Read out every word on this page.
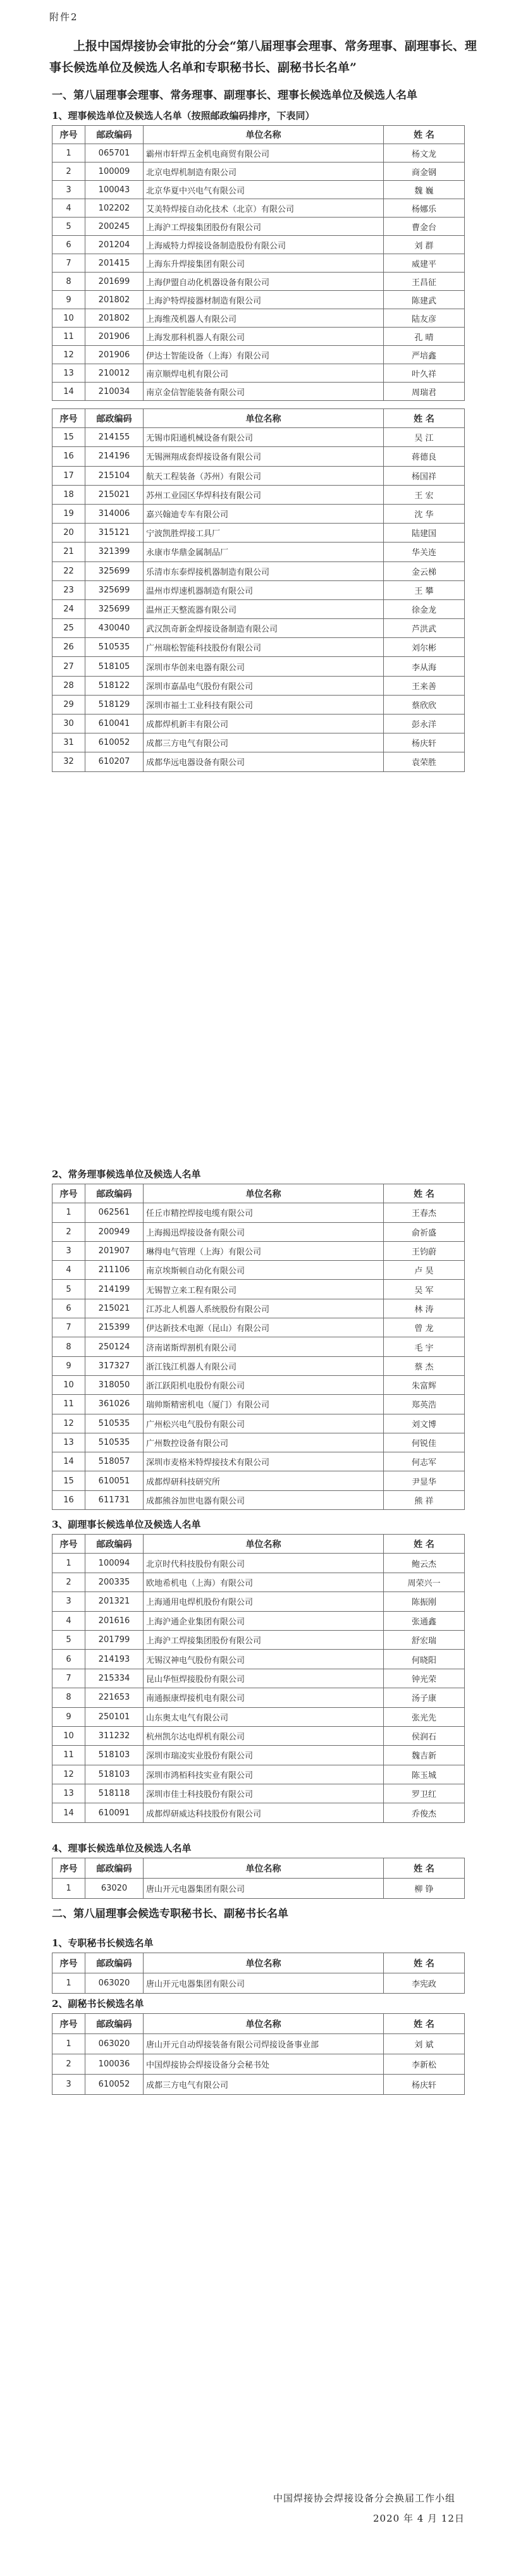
附件2
上报中国焊接协会审批的分会“第八届理事会理事、常务理事、副理事长、理事长候选单位及候选人名单和专职秘书长、副秘书长名单”
一、第八届理事会理事、常务理事、副理事长、理事长候选单位及候选人名单
1、理事候选单位及候选人名单（按照邮政编码排序，下表同）
序号	邮政编码	单位名称	姓 名
1	065701	霸州市轩焊五金机电商贸有限公司	杨文龙
2	100009	北京电焊机制造有限公司	商金钢
3	100043	北京华夏中兴电气有限公司	魏 巍
4	102202	艾美特焊接自动化技术（北京）有限公司	杨娜乐
5	200245	上海沪工焊接集团股份有限公司	曹金台
6	201204	上海威特力焊接设备制造股份有限公司	刘 群
7	201415	上海东升焊接集团有限公司	威建平
8	201699	上海伊盟自动化机器设备有限公司	王昌征
9	201802	上海沪特焊接器材制造有限公司	陈建武
10	201802	上海维茂机器人有限公司	陆友彦
11	201906	上海发那科机器人有限公司	孔 晴
12	201906	伊达士智能设备（上海）有限公司	严培鑫
13	210012	南京顺焊电机有限公司	叶久祥
14	210034	南京金信智能装备有限公司	周瑞君
序号	邮政编码	单位名称	姓 名
15	214155	无锡市阳通机械设备有限公司	吴 江
16	214196	无锡洲翔成套焊接设备有限公司	蒋德良
17	215104	航天工程装备（苏州）有限公司	杨国祥
18	215021	苏州工业园区华焊科技有限公司	王 宏
19	314006	嘉兴翰迪专车有限公司	沈 华
20	315121	宁波凯胜焊接工具厂	陆建国
21	321399	永康市华鼎金属制品厂	华关连
22	325699	乐清市东泰焊接机器制造有限公司	金云梯
23	325699	温州市焊速机器制造有限公司	王 攀
24	325699	温州正天整流器有限公司	徐金龙
25	430040	武汉凯奇新金焊接设备制造有限公司	芦洪武
26	510535	广州瑞松智能科技股份有限公司	刘尔彬
27	518105	深圳市华创来电器有限公司	李从海
28	518122	深圳市嘉晶电气股份有限公司	王来善
29	518129	深圳市福士工业科技有限公司	蔡欣欣
30	610041	成都焊机新丰有限公司	彭永洋
31	610052	成都三方电气有限公司	杨庆轩
32	610207	成都华远电器设备有限公司	袁荣胜
2、常务理事候选单位及候选人名单
序号	邮政编码	单位名称	姓 名
1	062561	任丘市精控焊接电缆有限公司	王春杰
2	200949	上海揭迅焊接设备有限公司	俞祈盛
3	201907	琳得电气管理（上海）有限公司	王钧蔚
4	211106	南京埃斯顿自动化有限公司	卢 昊
5	214199	无锡智立来工程有限公司	吴 军
6	215021	江苏北人机器人系统股份有限公司	林 涛
7	215399	伊达新技术电源（昆山）有限公司	曾 龙
8	250124	济南诺斯焊割机有限公司	毛 宇
9	317327	浙江钱江机器人有限公司	蔡 杰
10	318050	浙江跃阳机电股份有限公司	朱富辉
11	361026	瑞帅斯精密机电（厦门）有限公司	郑英浩
12	510535	广州松兴电气股份有限公司	刘文博
13	510535	广州数控设备有限公司	何锐佳
14	518057	深圳市麦格米特焊接技术有限公司	何志军
15	610051	成都焊研科技研究所	尹显华
16	611731	成都熊谷加世电器有限公司	熊 祥
3、副理事长候选单位及候选人名单
序号	邮政编码	单位名称	姓 名
1	100094	北京时代科技股份有限公司	鲍云杰
2	200335	欧地希机电（上海）有限公司	周荣兴一
3	201321	上海通用电焊机股份有限公司	陈振刚
4	201616	上海沪通企业集团有限公司	张通鑫
5	201799	上海沪工焊接集团股份有限公司	舒宏瑞
6	214193	无锡汉神电气股份有限公司	何晓阳
7	215334	昆山华恒焊接股份有限公司	钟光荣
8	221653	南通振康焊接机电有限公司	汤子康
9	250101	山东奥太电气有限公司	张光先
10	311232	杭州凯尔达电焊机有限公司	侯润石
11	518103	深圳市瑞凌实业股份有限公司	魏吉新
12	518103	深圳市鸿栢科技实业有限公司	陈玉城
13	518118	深圳市佳士科技股份有限公司	罗卫红
14	610091	成都焊研威达科技股份有限公司	乔俊杰
4、理事长候选单位及候选人名单
序号	邮政编码	单位名称	姓 名
1	63020	唐山开元电器集团有限公司	柳 铮
二、第八届理事会候选专职秘书长、副秘书长名单
1、专职秘书长候选名单
序号	邮政编码	单位名称	姓 名
1	063020	唐山开元电器集团有限公司	李宪政
2、副秘书长候选名单
序号	邮政编码	单位名称	姓 名
1	063020	唐山开元自动焊接装备有限公司焊接设备事业部	刘 斌
2	100036	中国焊接协会焊接设备分会秘书处	李新松
3	610052	成都三方电气有限公司	杨庆轩
中国焊接协会焊接设备分会换届工作小组
2020 年 4 月 12日
